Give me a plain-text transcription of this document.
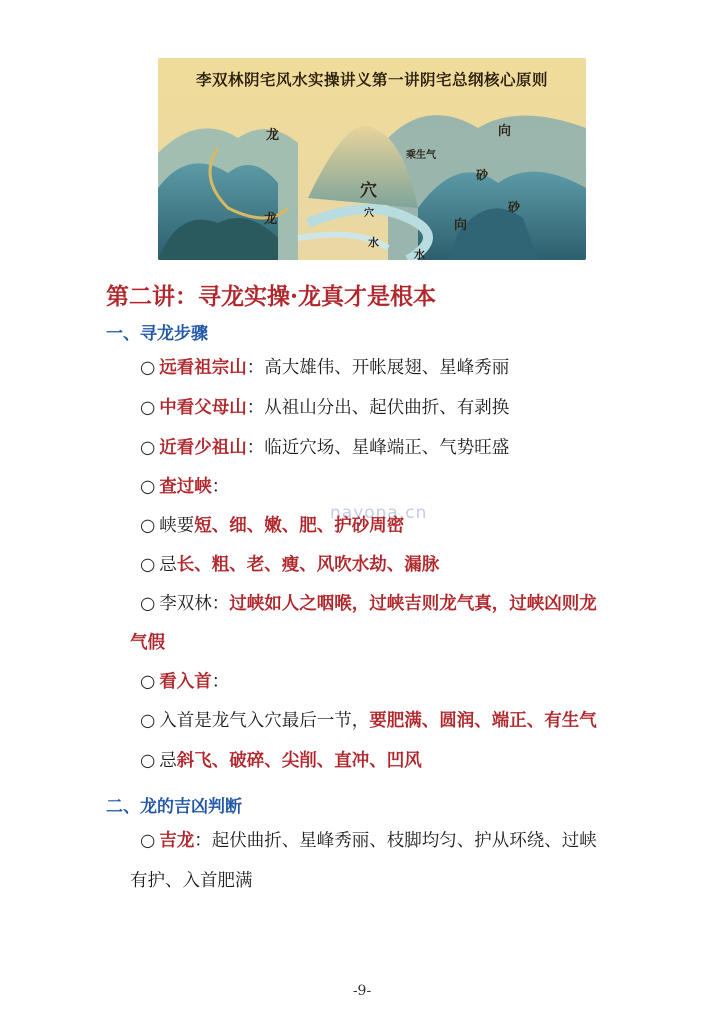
李双林阴宅风水实操讲义第一讲阴宅总纲核心原则
龙
龙
穴
穴
乘生气
向
向
砂
砂
水
水
nayona.cn
第二讲：寻龙实操·龙真才是根本
一、寻龙步骤
○ 远看祖宗山：高大雄伟、开帐展翅、星峰秀丽
○ 中看父母山：从祖山分出、起伏曲折、有剥换
○ 近看少祖山：临近穴场、星峰端正、气势旺盛
○ 查过峡：
○ 峡要短、细、嫩、肥、护砂周密
○ 忌长、粗、老、瘦、风吹水劫、漏脉
○ 李双林：过峡如人之咽喉，过峡吉则龙气真，过峡凶则龙
气假
○ 看入首：
○ 入首是龙气入穴最后一节，要肥满、圆润、端正、有生气
○ 忌斜飞、破碎、尖削、直冲、凹风
二、龙的吉凶判断
○ 吉龙：起伏曲折、星峰秀丽、枝脚均匀、护从环绕、过峡
有护、入首肥满
-9-
